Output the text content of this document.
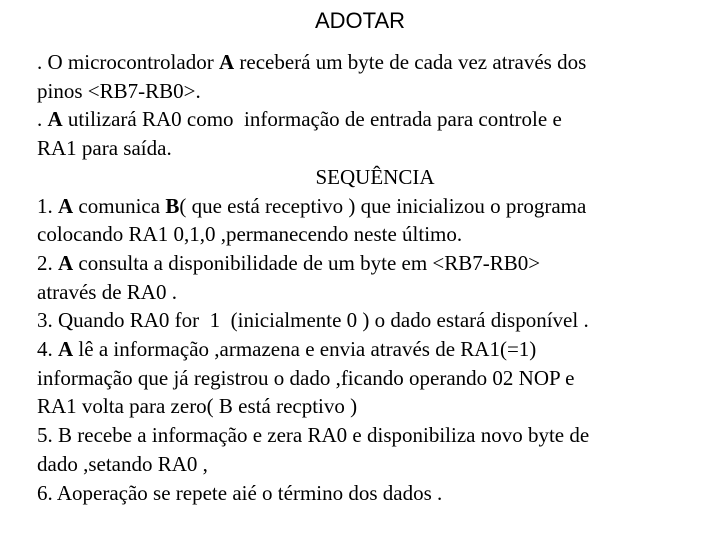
ADOTAR
. O microcontrolador A receberá um byte de cada vez através dos
pinos <RB7-RB0>.
. A utilizará RA0 como  informação de entrada para controle e
RA1 para saída.
SEQUÊNCIA
1. A comunica B( que está receptivo ) que inicializou o programa
colocando RA1 0,1,0 ,permanecendo neste último.
2. A consulta a disponibilidade de um byte em <RB7-RB0>
através de RA0 .
3. Quando RA0 for  1  (inicialmente 0 ) o dado estará disponível .
4. A lê a informação ,armazena e envia através de RA1(=1)
informação que já registrou o dado ,ficando operando 02 NOP e
RA1 volta para zero( B está recptivo )
5. B recebe a informação e zera RA0 e disponibiliza novo byte de
dado ,setando RA0 ,
6. Aoperação se repete aié o término dos dados .
